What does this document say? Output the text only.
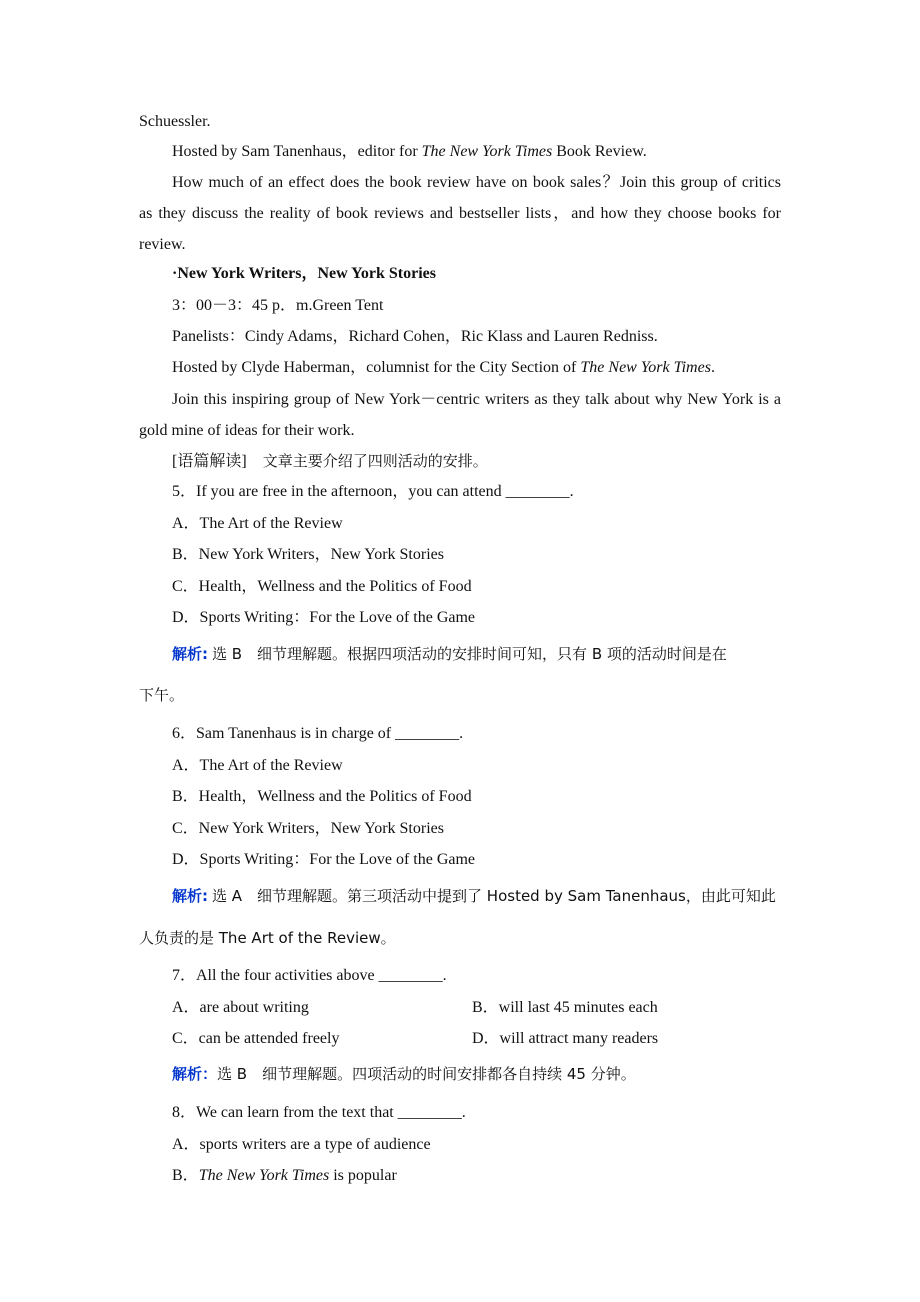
Schuessler.
Hosted by Sam Tanenhaus，editor for The New York Times Book Review.
How much of an effect does the book review have on book sales？Join this group of critics
as they discuss the reality of book reviews and bestseller lists，and how they choose books for
review.
·New York Writers，New York Stories
3：00－3：45 p．m.Green Tent
Panelists：Cindy Adams，Richard Cohen，Ric Klass and Lauren Redniss.
Hosted by Clyde Haberman，columnist for the City Section of The New York Times.
Join this inspiring group of New York－centric writers as they talk about why New York is a
gold mine of ideas for their work.
[语篇解读]　 文章主要介绍了四则活动的安排。
5．If you are free in the afternoon，you can attend ________.
A．The Art of the Review
B．New York Writers，New York Stories
C．Health，Wellness and the Politics of Food
D．Sports Writing：For the Love of the Game
解析: 选 B　细节理解题。根据四项活动的安排时间可知，只有 B 项的活动时间是在
下午。
6．Sam Tanenhaus is in charge of ________.
A．The Art of the Review
B．Health，Wellness and the Politics of Food
C．New York Writers，New York Stories
D．Sports Writing：For the Love of the Game
解析: 选 A　细节理解题。第三项活动中提到了 Hosted by Sam Tanenhaus，由此可知此
人负责的是 The Art of the Review。
7．All the four activities above ________.
A．are about writing	B．will last 45 minutes each
C．can be attended freely	D．will attract many readers
解析：选 B　细节理解题。四项活动的时间安排都各自持续 45 分钟。
8．We can learn from the text that ________.
A．sports writers are a type of audience
B．The New York Times is popular
